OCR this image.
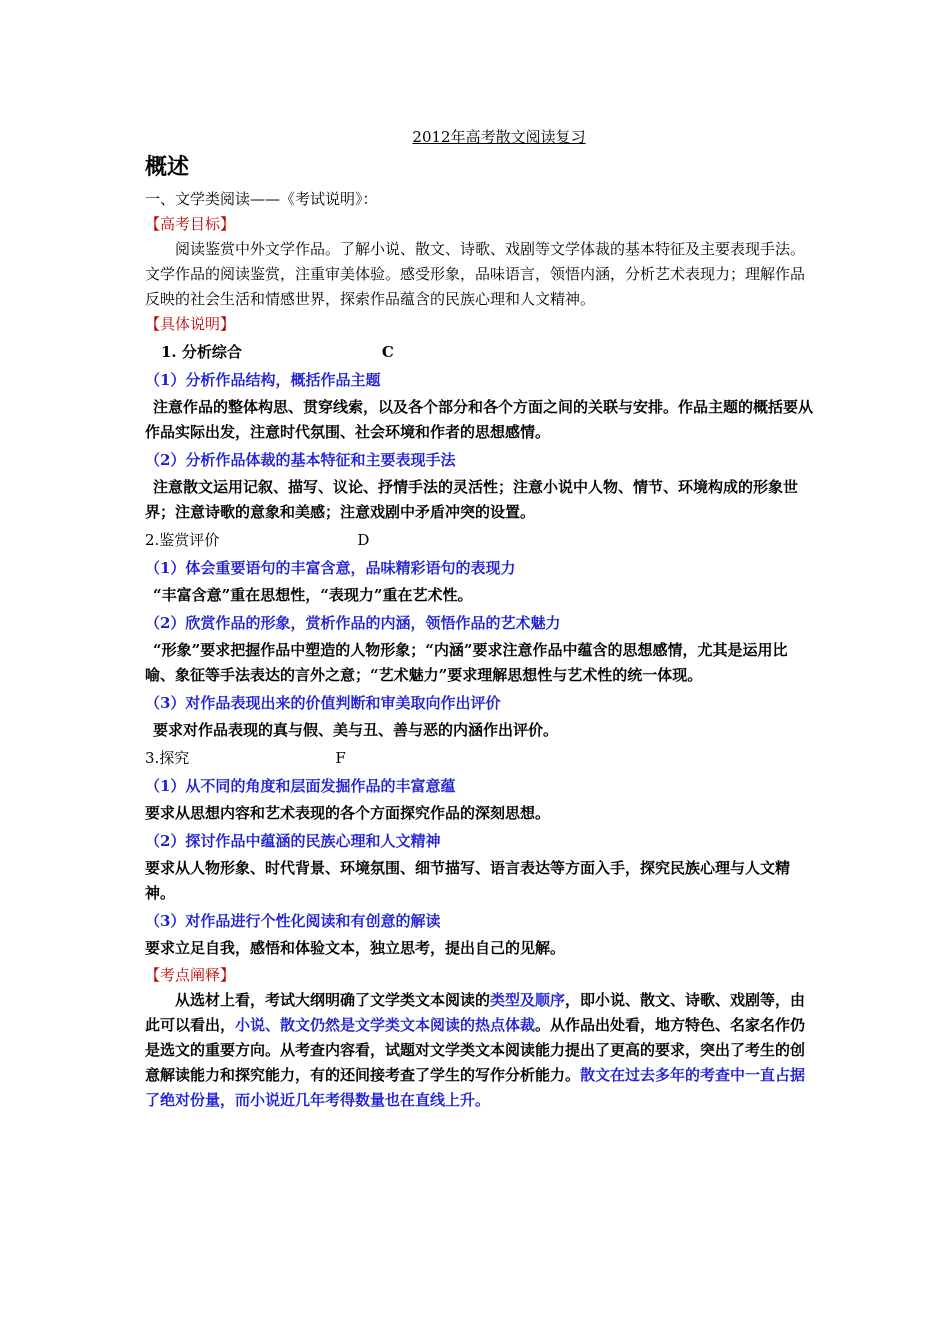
2012年高考散文阅读复习

概述

一、文学类阅读——《考试说明》：

【高考目标】

阅读鉴赏中外文学作品。了解小说、散文、诗歌、戏剧等文学体裁的基本特征及主要表现手法。文学作品的阅读鉴赏，注重审美体验。感受形象，品味语言，领悟内涵，分析艺术表现力；理解作品反映的社会生活和情感世界，探索作品蕴含的民族心理和人文精神。

【具体说明】

1. 分析综合	C

（1）分析作品结构，概括作品主题

注意作品的整体构思、贯穿线索，以及各个部分和各个方面之间的关联与安排。作品主题的概括要从作品实际出发，注意时代氛围、社会环境和作者的思想感情。

（2）分析作品体裁的基本特征和主要表现手法

注意散文运用记叙、描写、议论、抒情手法的灵活性；注意小说中人物、情节、环境构成的形象世界；注意诗歌的意象和美感；注意戏剧中矛盾冲突的设置。

2.鉴赏评价	D

（1）体会重要语句的丰富含意，品味精彩语句的表现力

“丰富含意”重在思想性，“表现力”重在艺术性。

（2）欣赏作品的形象，赏析作品的内涵，领悟作品的艺术魅力

“形象”要求把握作品中塑造的人物形象；“内涵”要求注意作品中蕴含的思想感情，尤其是运用比喻、象征等手法表达的言外之意；“艺术魅力”要求理解思想性与艺术性的统一体现。

（3）对作品表现出来的价值判断和审美取向作出评价

要求对作品表现的真与假、美与丑、善与恶的内涵作出评价。

3.探究	F

（1）从不同的角度和层面发掘作品的丰富意蕴

要求从思想内容和艺术表现的各个方面探究作品的深刻思想。

（2）探讨作品中蕴涵的民族心理和人文精神

要求从人物形象、时代背景、环境氛围、细节描写、语言表达等方面入手，探究民族心理与人文精神。

（3）对作品进行个性化阅读和有创意的解读

要求立足自我，感悟和体验文本，独立思考，提出自己的见解。

【考点阐释】

从选材上看，考试大纲明确了文学类文本阅读的类型及顺序，即小说、散文、诗歌、戏剧等，由此可以看出，小说、散文仍然是文学类文本阅读的热点体裁。从作品出处看，地方特色、名家名作仍是选文的重要方向。从考查内容看，试题对文学类文本阅读能力提出了更高的要求，突出了考生的创意解读能力和探究能力，有的还间接考查了学生的写作分析能力。散文在过去多年的考查中一直占据了绝对份量，而小说近几年考得数量也在直线上升。
